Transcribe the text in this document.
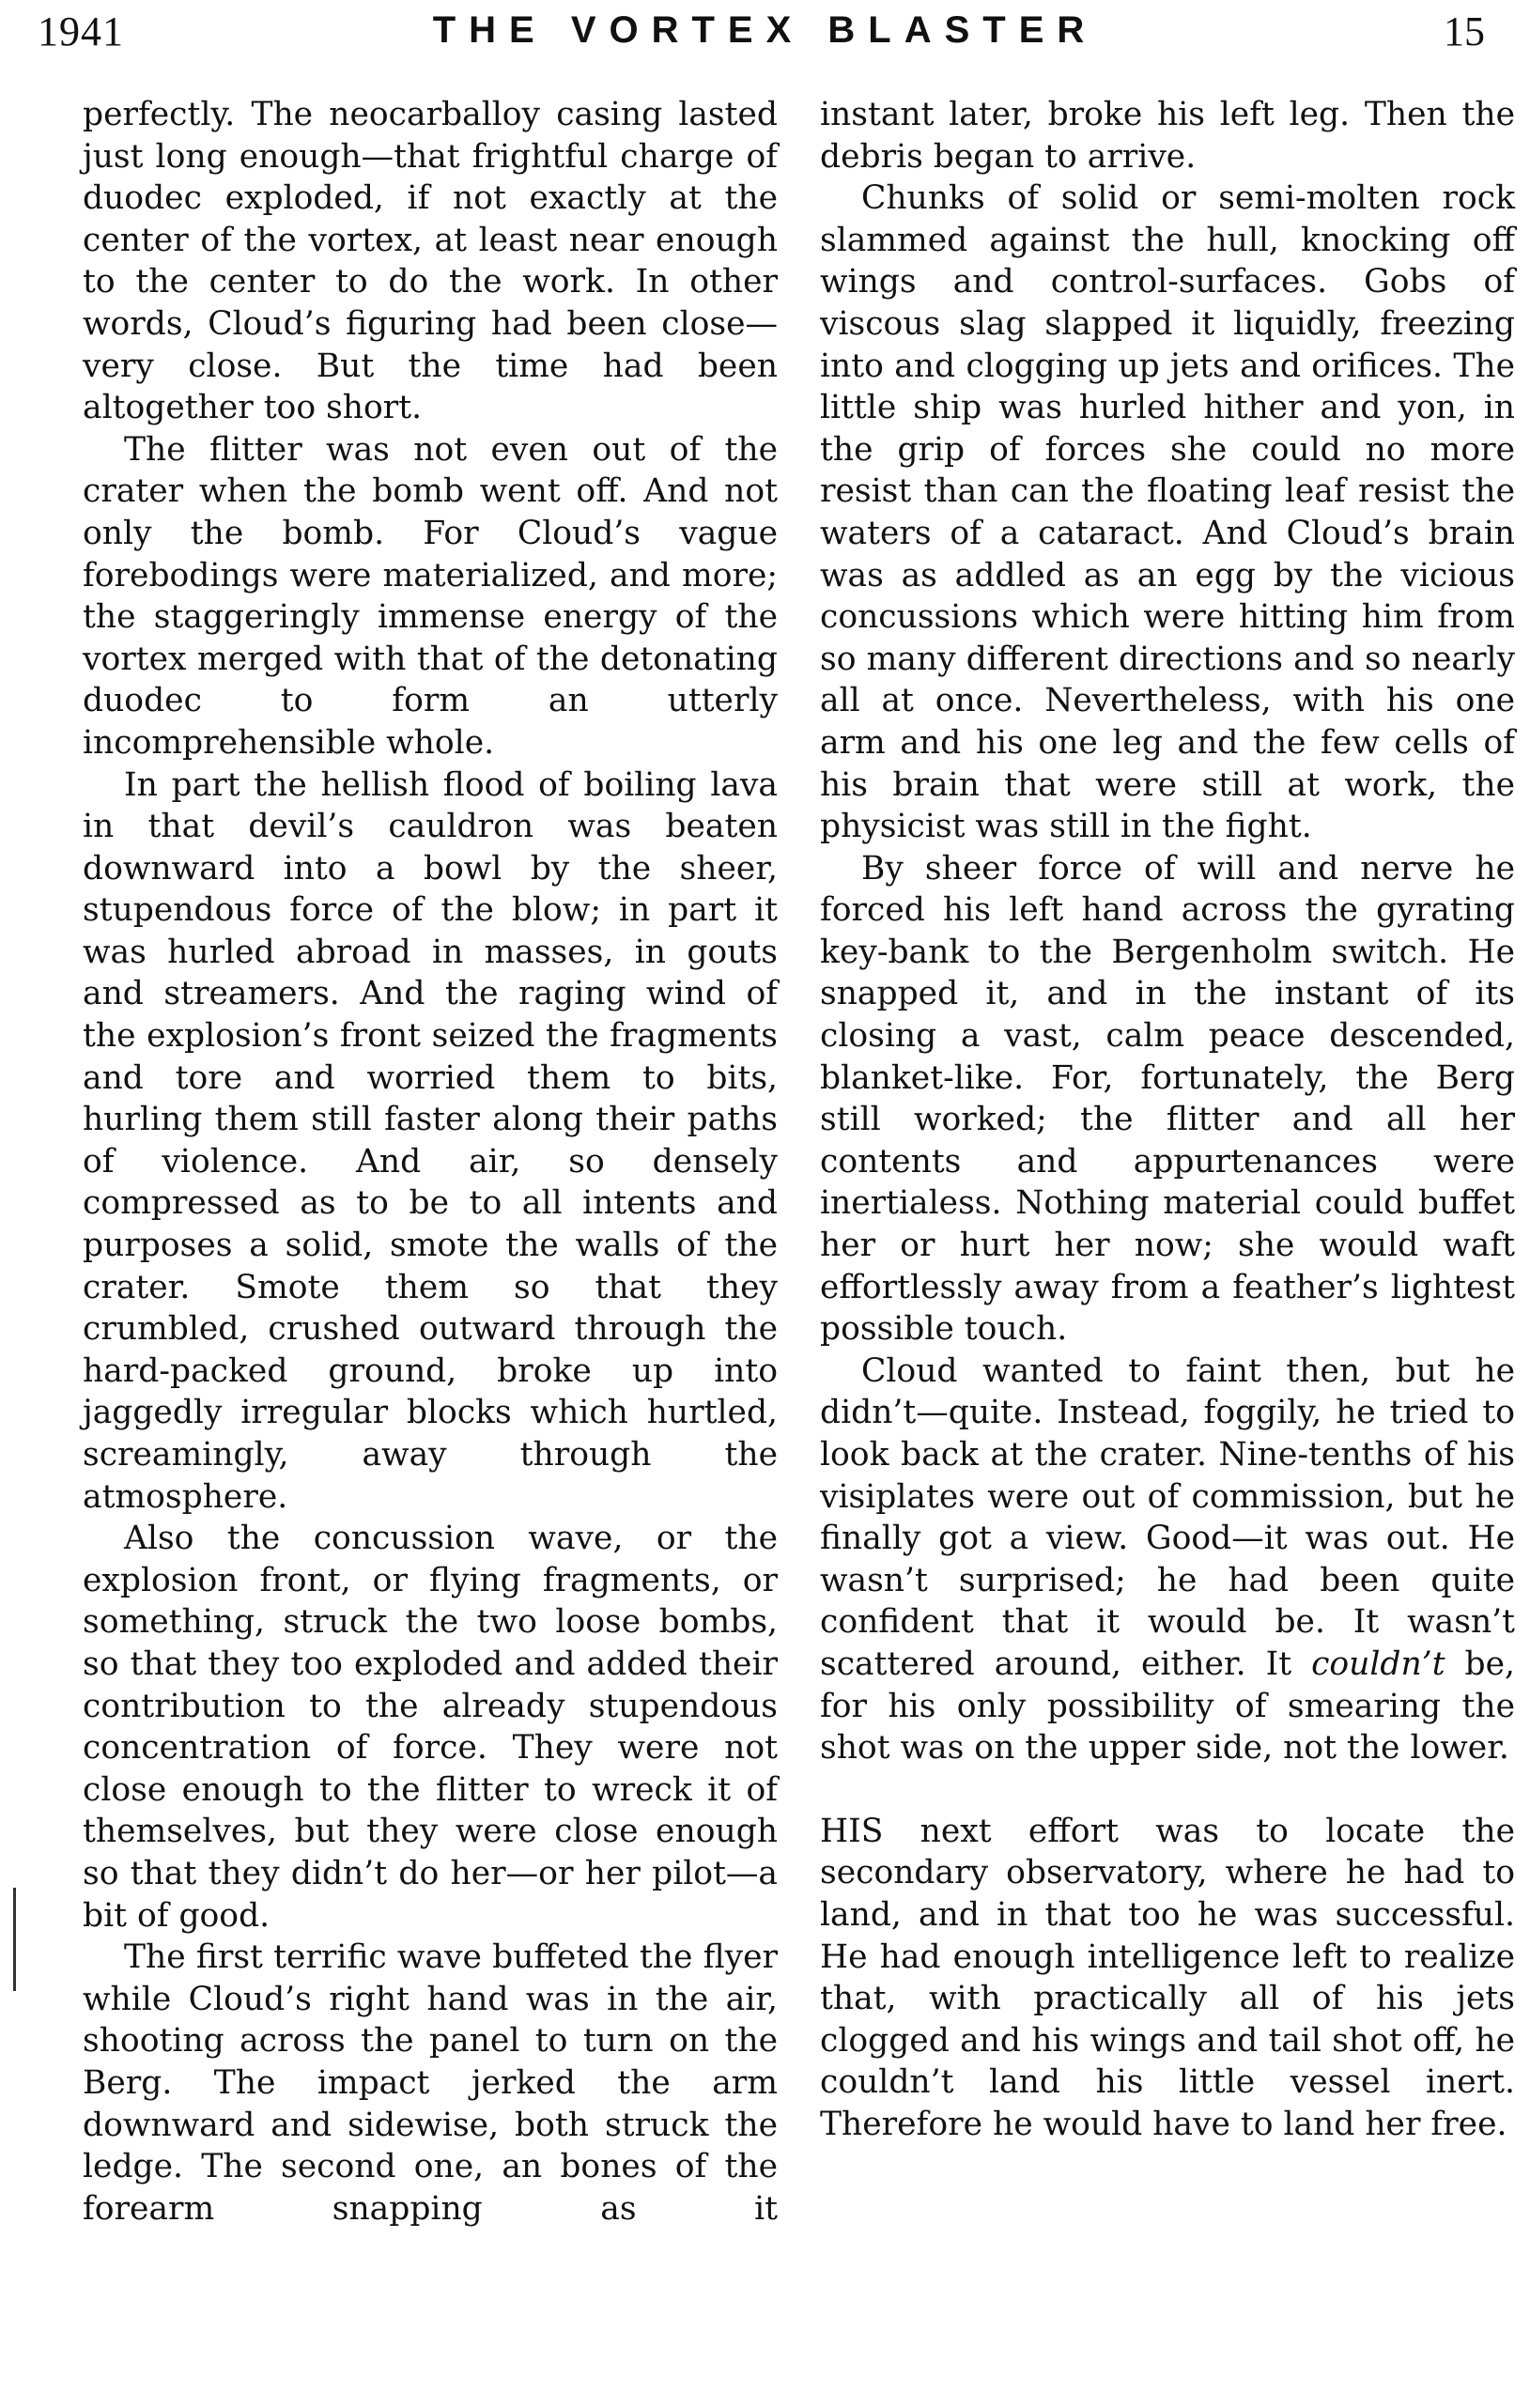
1941	THE VORTEX BLASTER	15

perfectly. The neocarballoy casing lasted just long enough—that frightful charge of duodec exploded, if not exactly at the center of the vortex, at least near enough to the center to do the work. In other words, Cloud’s figuring had been close—very close. But the time had been altogether too short.

The flitter was not even out of the crater when the bomb went off. And not only the bomb. For Cloud’s vague forebodings were materialized, and more; the staggeringly immense energy of the vortex merged with that of the detonating duodec to form an utterly incomprehensible whole.

In part the hellish flood of boiling lava in that devil’s cauldron was beaten downward into a bowl by the sheer, stupendous force of the blow; in part it was hurled abroad in masses, in gouts and streamers. And the raging wind of the explosion’s front seized the fragments and tore and worried them to bits, hurling them still faster along their paths of violence. And air, so densely compressed as to be to all intents and purposes a solid, smote the walls of the crater. Smote them so that they crumbled, crushed outward through the hard-packed ground, broke up into jaggedly irregular blocks which hurtled, screamingly, away through the atmosphere.

Also the concussion wave, or the explosion front, or flying fragments, or something, struck the two loose bombs, so that they too exploded and added their contribution to the already stupendous concentration of force. They were not close enough to the flitter to wreck it of themselves, but they were close enough so that they didn’t do her—or her pilot—a bit of good.

The first terrific wave buffeted the flyer while Cloud’s right hand was in the air, shooting across the panel to turn on the Berg. The impact jerked the arm downward and sidewise, both struck the ledge. The second one, an bones of the forearm snapping as it

instant later, broke his left leg. Then the debris began to arrive.

Chunks of solid or semi-molten rock slammed against the hull, knocking off wings and control-surfaces. Gobs of viscous slag slapped it liquidly, freezing into and clogging up jets and orifices. The little ship was hurled hither and yon, in the grip of forces she could no more resist than can the floating leaf resist the waters of a cataract. And Cloud’s brain was as addled as an egg by the vicious concussions which were hitting him from so many different directions and so nearly all at once. Nevertheless, with his one arm and his one leg and the few cells of his brain that were still at work, the physicist was still in the fight.

By sheer force of will and nerve he forced his left hand across the gyrating key-bank to the Bergenholm switch. He snapped it, and in the instant of its closing a vast, calm peace descended, blanket-like. For, fortunately, the Berg still worked; the flitter and all her contents and appurtenances were inertialess. Nothing material could buffet her or hurt her now; she would waft effortlessly away from a feather’s lightest possible touch.

Cloud wanted to faint then, but he didn’t—quite. Instead, foggily, he tried to look back at the crater. Nine-tenths of his visiplates were out of commission, but he finally got a view. Good—it was out. He wasn’t surprised; he had been quite confident that it would be. It wasn’t scattered around, either. It couldn’t be, for his only possibility of smearing the shot was on the upper side, not the lower.

HIS next effort was to locate the secondary observatory, where he had to land, and in that too he was successful. He had enough intelligence left to realize that, with practically all of his jets clogged and his wings and tail shot off, he couldn’t land his little vessel inert. Therefore he would have to land her free.
